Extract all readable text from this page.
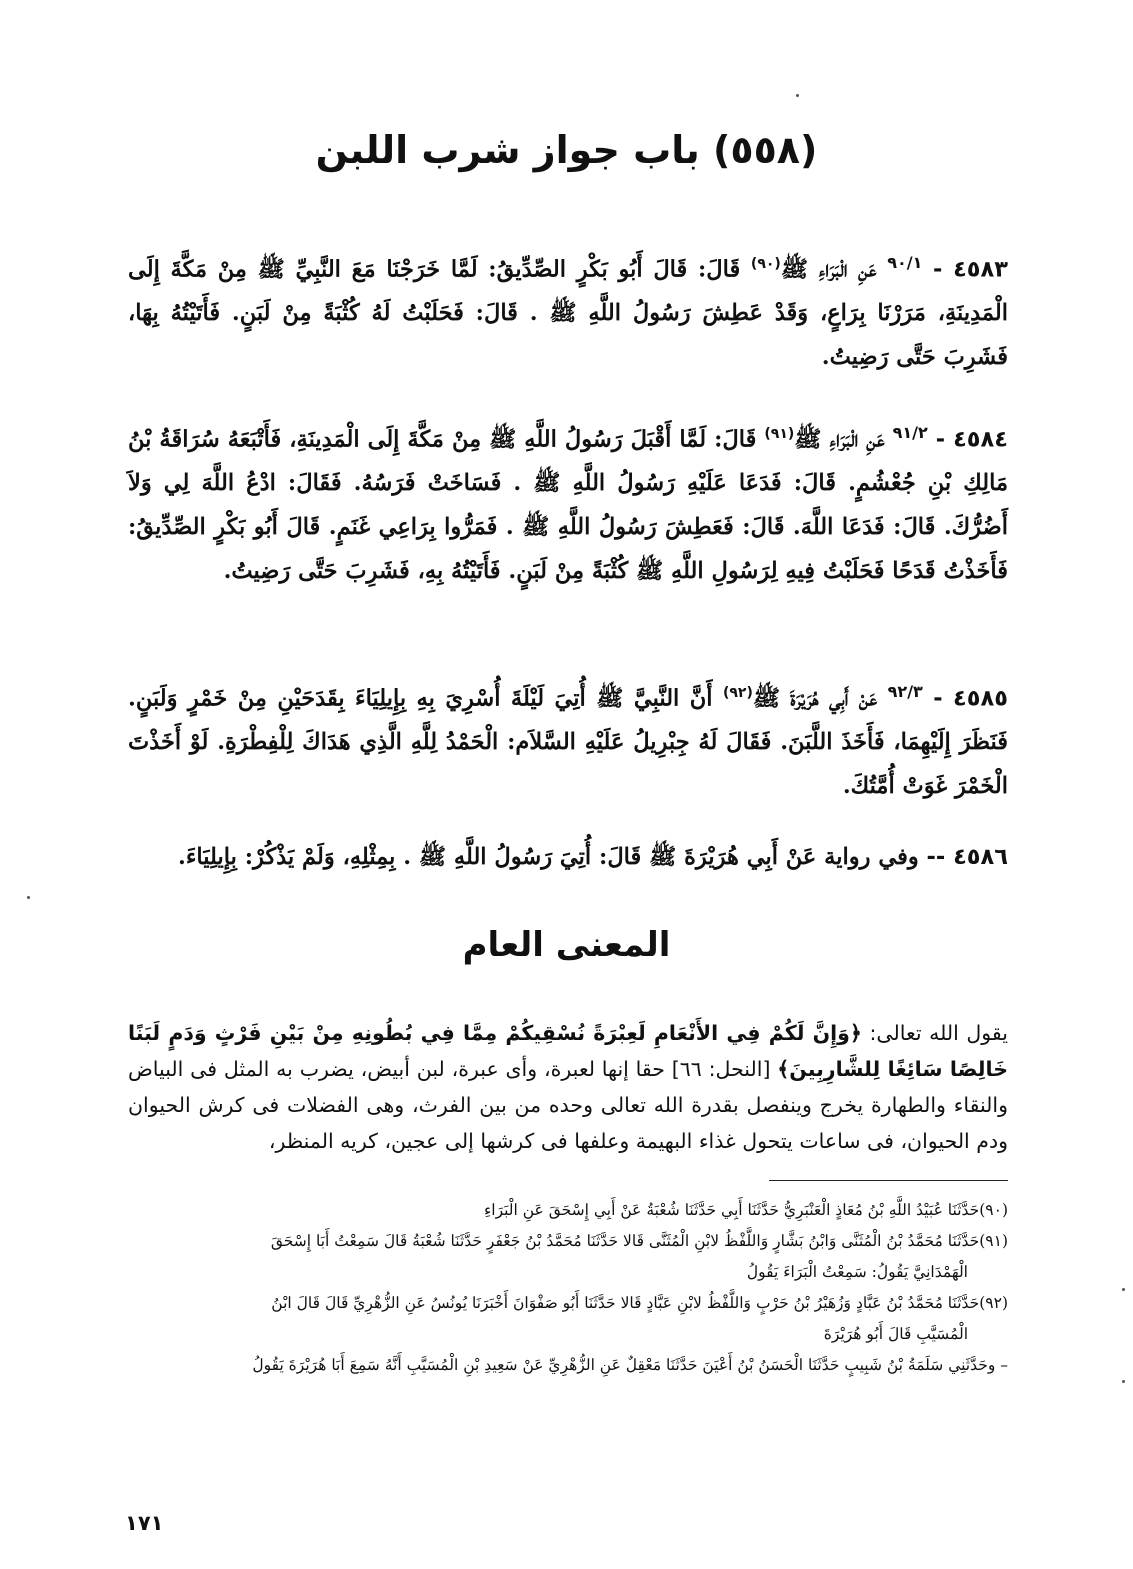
(٥٥٨) باب جواز شرب اللبن

٤٥٨٣ - $^{٩٠/١}$ عَنِ الْبَرَاءِ ﷺ$^{(٩٠)}$ قَالَ: قَالَ أَبُو بَكْرٍ الصِّدِّيقُ: لَمَّا خَرَجْنَا مَعَ النَّبِيِّ ﷺ مِنْ مَكَّةَ إِلَى الْمَدِينَةِ، مَرَرْنَا بِرَاعٍ، وَقَدْ عَطِشَ رَسُولُ اللَّهِ ﷺ . قَالَ: فَحَلَبْتُ لَهُ كُثْبَةً مِنْ لَبَنٍ. فَأَتَيْتُهُ بِهَا، فَشَرِبَ حَتَّى رَضِيتُ.

٤٥٨٤ - $^{٩١/٢}$ عَنِ الْبَرَاءِ ﷺ$^{(٩١)}$ قَالَ: لَمَّا أَقْبَلَ رَسُولُ اللَّهِ ﷺ مِنْ مَكَّةَ إِلَى الْمَدِينَةِ، فَأَتْبَعَهُ سُرَاقَةُ بْنُ مَالِكِ بْنِ جُعْشُمٍ. قَالَ: فَدَعَا عَلَيْهِ رَسُولُ اللَّهِ ﷺ . فَسَاخَتْ فَرَسُهُ. فَقَالَ: ادْعُ اللَّهَ لِي وَلاَ أَضُرُّكَ. قَالَ: فَدَعَا اللَّهَ. قَالَ: فَعَطِشَ رَسُولُ اللَّهِ ﷺ . فَمَرُّوا بِرَاعِي غَنَمٍ. قَالَ أَبُو بَكْرٍ الصِّدِّيقُ: فَأَخَذْتُ قَدَحًا فَحَلَبْتُ فِيهِ لِرَسُولِ اللَّهِ ﷺ كُثْبَةً مِنْ لَبَنٍ. فَأَتَيْتُهُ بِهِ، فَشَرِبَ حَتَّى رَضِيتُ.

٤٥٨٥ - $^{٩٢/٣}$ عَنْ أَبِي هُرَيْرَةَ ﷺ$^{(٩٢)}$ أَنَّ النَّبِيَّ ﷺ أُتِيَ لَيْلَةَ أُسْرِيَ بِهِ بِإِيلِيَاءَ بِقَدَحَيْنِ مِنْ خَمْرٍ وَلَبَنٍ. فَنَظَرَ إِلَيْهِمَا، فَأَخَذَ اللَّبَنَ. فَقَالَ لَهُ جِبْرِيلُ عَلَيْهِ السَّلاَم: الْحَمْدُ لِلَّهِ الَّذِي هَدَاكَ لِلْفِطْرَةِ. لَوْ أَخَذْتَ الْخَمْرَ غَوَتْ أُمَّتُكَ.

٤٥٨٦ -- وفي رواية عَنْ أَبِي هُرَيْرَةَ ﷺ قَالَ: أُتِيَ رَسُولُ اللَّهِ ﷺ . بِمِثْلِهِ، وَلَمْ يَذْكُرْ: بِإِيلِيَاءَ.

المعنى العام

يقول الله تعالى: ﴿وَإِنَّ لَكُمْ فِي الأَنْعَامِ لَعِبْرَةً نُسْقِيكُمْ مِمَّا فِي بُطُونِهِ مِنْ بَيْنِ فَرْثٍ وَدَمٍ لَبَنًا خَالِصًا سَائِغًا لِلشَّارِبِينَ﴾ [النحل: ٦٦] حقا إنها لعبرة، وأى عبرة، لبن أبيض، يضرب به المثل فى البياض والنقاء والطهارة يخرج وينفصل بقدرة الله تعالى وحده من بين الفرث، وهى الفضلات فى كرش الحيوان ودم الحيوان، فى ساعات يتحول غذاء البهيمة وعلفها فى كرشها إلى عجين، كريه المنظر،

(٩٠)حَدَّثَنَا عُبَيْدُ اللَّهِ بْنُ مُعَاذٍ الْعَنْبَرِيُّ حَدَّثَنَا أَبِي حَدَّثَنَا شُعْبَةُ عَنْ أَبِي إِسْحَقَ عَنِ الْبَرَاءِ

(٩١)حَدَّثَنَا مُحَمَّدُ بْنُ الْمُثَنَّى وَابْنُ بَشَّارٍ وَاللَّفْظُ لابْنِ الْمُثَنَّى قَالا حَدَّثَنَا مُحَمَّدُ بْنُ جَعْفَرٍ حَدَّثَنَا شُعْبَةُ قَالَ سَمِعْتُ أَبَا إِسْحَقَ

الْهَمْدَانِيَّ يَقُولُ: سَمِعْتُ الْبَرَاءَ يَقُولُ

(٩٢)حَدَّثَنَا مُحَمَّدُ بْنُ عَبَّادٍ وَزُهَيْرُ بْنُ حَرْبٍ وَاللَّفْظُ لابْنِ عَبَّادٍ قَالا حَدَّثَنَا أَبُو صَفْوَانَ أَخْبَرَنَا يُونُسُ عَنِ الزُّهْرِيِّ قَالَ قَالَ ابْنُ

الْمُسَيَّبِ قَالَ أَبُو هُرَيْرَةَ

– وحَدَّثَنِي سَلَمَةُ بْنُ شَبِيبٍ حَدَّثَنَا الْحَسَنُ بْنُ أَعْيَنَ حَدَّثَنَا مَعْقِلٌ عَنِ الزُّهْرِيِّ عَنْ سَعِيدِ بْنِ الْمُسَيَّبِ أَنَّهُ سَمِعَ أَبَا هُرَيْرَةَ يَقُولُ

١٧١
